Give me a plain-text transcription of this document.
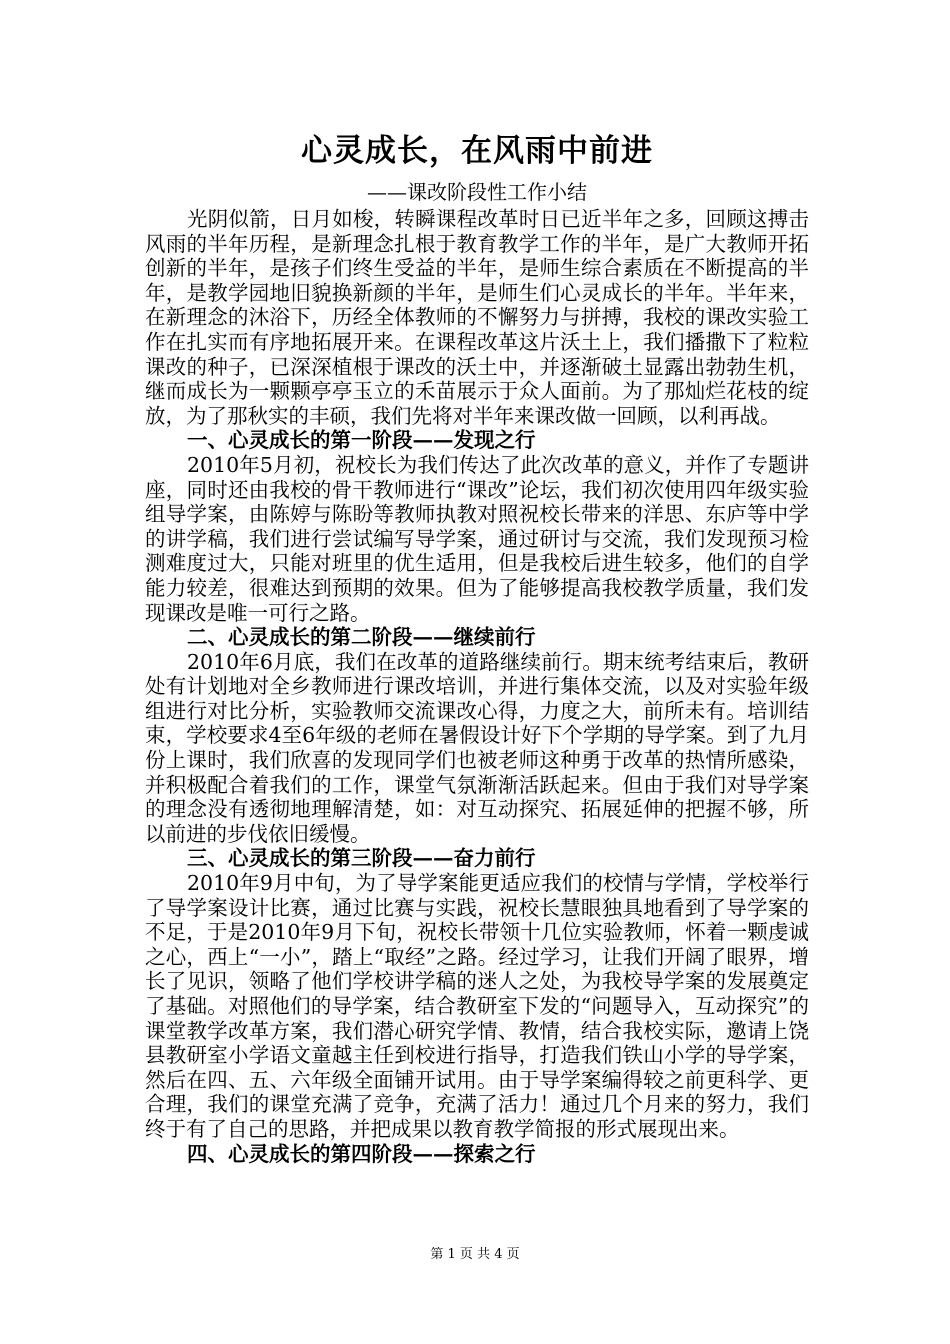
心灵成长，在风雨中前进

——课改阶段性工作小结

光阴似箭，日月如梭，转瞬课程改革时日已近半年之多，回顾这搏击风雨的半年历程，是新理念扎根于教育教学工作的半年，是广大教师开拓创新的半年，是孩子们终生受益的半年，是师生综合素质在不断提高的半年，是教学园地旧貌换新颜的半年，是师生们心灵成长的半年。半年来，在新理念的沐浴下，历经全体教师的不懈努力与拼搏，我校的课改实验工作在扎实而有序地拓展开来。在课程改革这片沃土上，我们播撒下了粒粒课改的种子，已深深植根于课改的沃土中，并逐渐破土显露出勃勃生机，继而成长为一颗颗亭亭玉立的禾苗展示于众人面前。为了那灿烂花枝的绽放，为了那秋实的丰硕，我们先将对半年来课改做一回顾，以利再战。

一、心灵成长的第一阶段——发现之行

2010年5月初，祝校长为我们传达了此次改革的意义，并作了专题讲座，同时还由我校的骨干教师进行“课改”论坛，我们初次使用四年级实验组导学案，由陈婷与陈盼等教师执教对照祝校长带来的洋思、东庐等中学的讲学稿，我们进行尝试编写导学案，通过研讨与交流，我们发现预习检测难度过大，只能对班里的优生适用，但是我校后进生较多，他们的自学能力较差，很难达到预期的效果。但为了能够提高我校教学质量，我们发现课改是唯一可行之路。

二、心灵成长的第二阶段——继续前行

2010年6月底，我们在改革的道路继续前行。期末统考结束后，教研处有计划地对全乡教师进行课改培训，并进行集体交流，以及对实验年级组进行对比分析，实验教师交流课改心得，力度之大，前所未有。培训结束，学校要求4至6年级的老师在暑假设计好下个学期的导学案。到了九月份上课时，我们欣喜的发现同学们也被老师这种勇于改革的热情所感染，并积极配合着我们的工作，课堂气氛渐渐活跃起来。但由于我们对导学案的理念没有透彻地理解清楚，如：对互动探究、拓展延伸的把握不够，所以前进的步伐依旧缓慢。

三、心灵成长的第三阶段——奋力前行

2010年9月中旬，为了导学案能更适应我们的校情与学情，学校举行了导学案设计比赛，通过比赛与实践，祝校长慧眼独具地看到了导学案的不足，于是2010年9月下旬，祝校长带领十几位实验教师，怀着一颗虔诚之心，西上“一小”，踏上“取经”之路。经过学习，让我们开阔了眼界，增长了见识，领略了他们学校讲学稿的迷人之处，为我校导学案的发展奠定了基础。对照他们的导学案，结合教研室下发的“问题导入，互动探究”的课堂教学改革方案，我们潜心研究学情、教情，结合我校实际，邀请上饶县教研室小学语文童越主任到校进行指导，打造我们铁山小学的导学案，然后在四、五、六年级全面铺开试用。由于导学案编得较之前更科学、更合理，我们的课堂充满了竞争，充满了活力！通过几个月来的努力，我们终于有了自己的思路，并把成果以教育教学简报的形式展现出来。

四、心灵成长的第四阶段——探索之行

第 1 页 共 4 页
